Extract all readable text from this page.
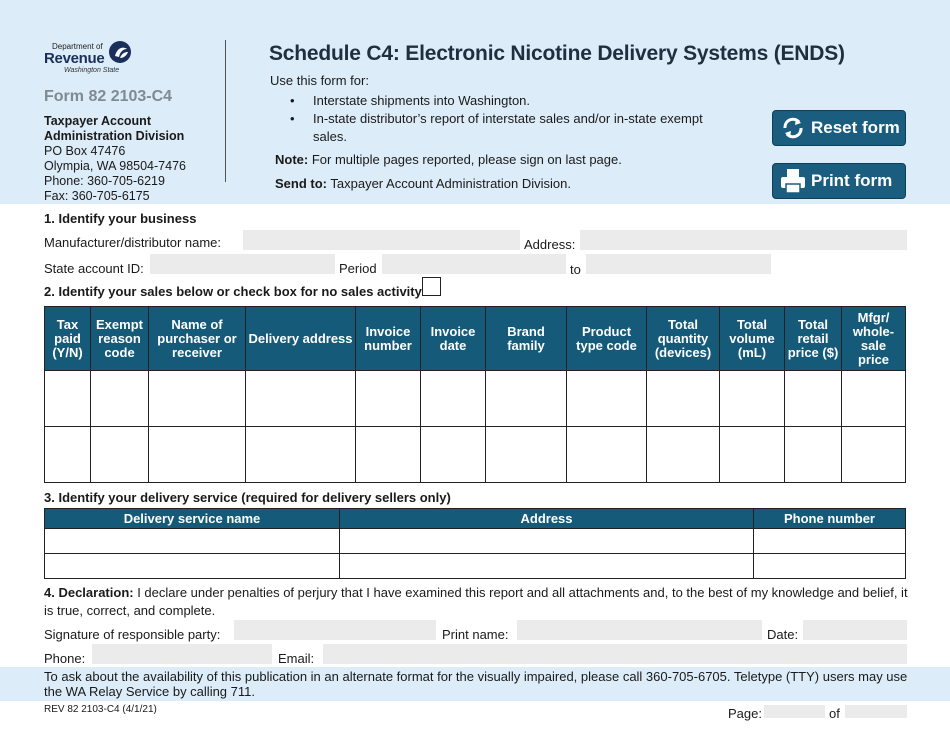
Department of
Revenue
Washington State
Form 82 2103-C4
Taxpayer Account
Administration Division
PO Box 47476
Olympia, WA 98504-7476
Phone: 360-705-6219
Fax: 360-705-6175
Schedule C4: Electronic Nicotine Delivery Systems (ENDS)
Use this form for:
• Interstate shipments into Washington.
• In-state distributor’s report of interstate sales and/or in-state exempt sales.
Note: For multiple pages reported, please sign on last page.
Send to: Taxpayer Account Administration Division.
Reset form
Print form
1. Identify your business
Manufacturer/distributor name:	Address:
State account ID:	Period	to
2. Identify your sales below or check box for no sales activity
Tax paid (Y/N)	Exempt reason code	Name of purchaser or receiver	Delivery address	Invoice number	Invoice date	Brand family	Product type code	Total quantity (devices)	Total volume (mL)	Total retail price ($)	Mfgr/ whole- sale price

3. Identify your delivery service (required for delivery sellers only)
Delivery service name	Address	Phone number

4. Declaration: I declare under penalties of perjury that I have examined this report and all attachments and, to the best of my knowledge and belief, it is true, correct, and complete.
Signature of responsible party:	Print name:	Date:
Phone:	Email:
To ask about the availability of this publication in an alternate format for the visually impaired, please call 360-705-6705. Teletype (TTY) users may use the WA Relay Service by calling 711.
REV 82 2103-C4 (4/1/21)	Page:	of
